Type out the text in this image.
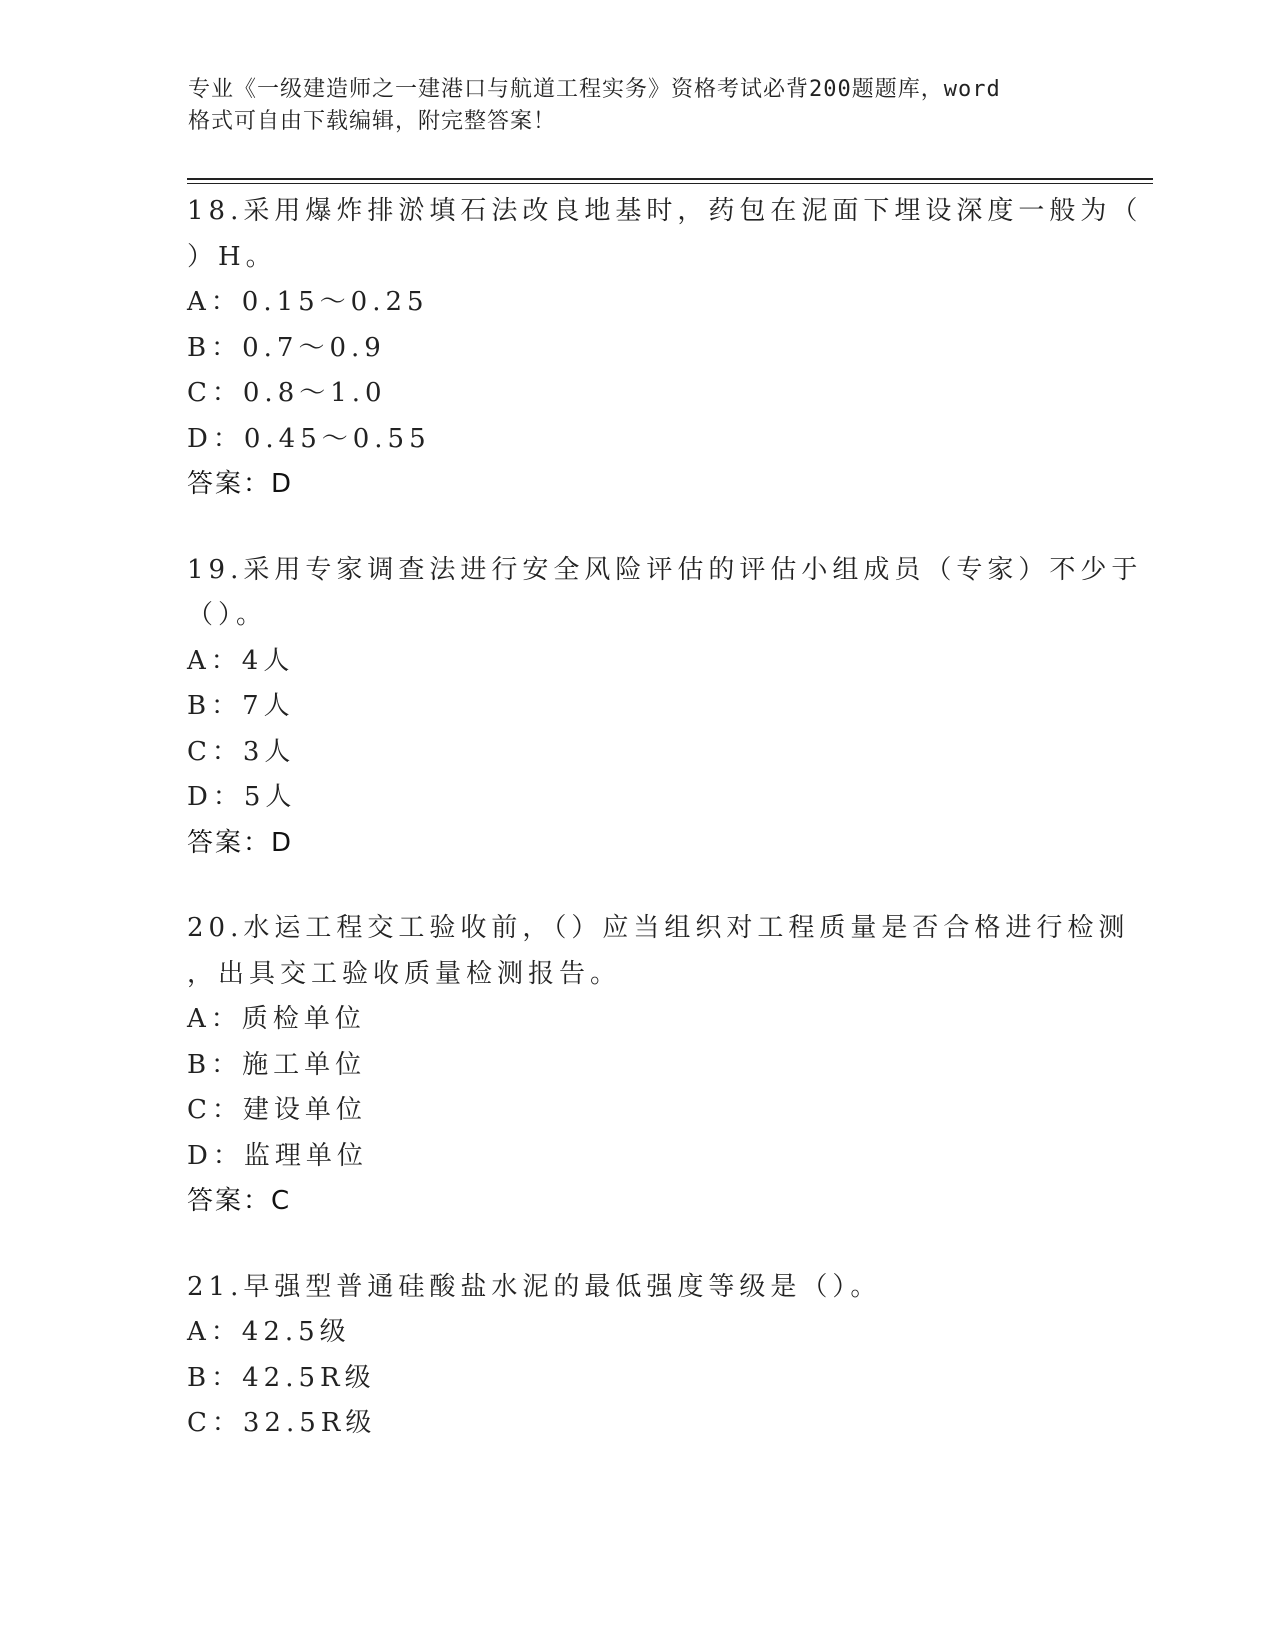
专业《一级建造师之一建港口与航道工程实务》资格考试必背200题题库，word
格式可自由下载编辑，附完整答案！
18.采用爆炸排淤填石法改良地基时，药包在泥面下埋设深度一般为（
）H。
A：0.15～0.25
B：0.7～0.9
C：0.8～1.0
D：0.45～0.55
答案：D
19.采用专家调查法进行安全风险评估的评估小组成员（专家）不少于
（）。
A：4人
B：7人
C：3人
D：5人
答案：D
20.水运工程交工验收前，（）应当组织对工程质量是否合格进行检测
，出具交工验收质量检测报告。
A：质检单位
B：施工单位
C：建设单位
D：监理单位
答案：C
21.早强型普通硅酸盐水泥的最低强度等级是（）。
A：42.5级
B：42.5R级
C：32.5R级
